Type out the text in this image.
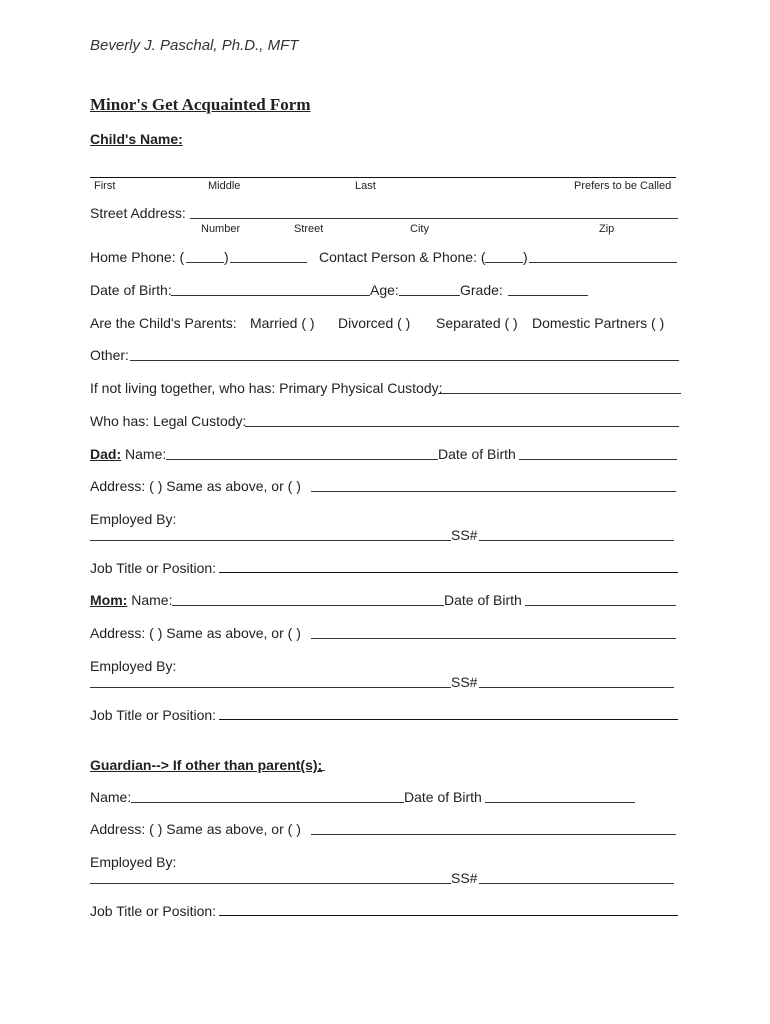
Beverly J. Paschal, Ph.D., MFT
Minor's Get Acquainted Form
Child's Name:
First	Middle	Last	Prefers to be Called
Street Address:
Number	Street	City	Zip
Home Phone: (	)	Contact Person & Phone: (	)
Date of Birth:	Age:	Grade:
Are the Child's Parents: Married ( ) Divorced ( ) Separated ( ) Domestic Partners ( )
Other:
If not living together, who has: Primary Physical Custody:
Who has: Legal Custody:
Dad: Name:	Date of Birth
Address: ( ) Same as above, or ( )
Employed By:
SS#
Job Title or Position:
Mom: Name:	Date of Birth
Address: ( ) Same as above, or ( )
Employed By:
SS#
Job Title or Position:
Guardian--> If other than parent(s):
Name:	Date of Birth
Address: ( ) Same as above, or ( )
Employed By:
SS#
Job Title or Position:
